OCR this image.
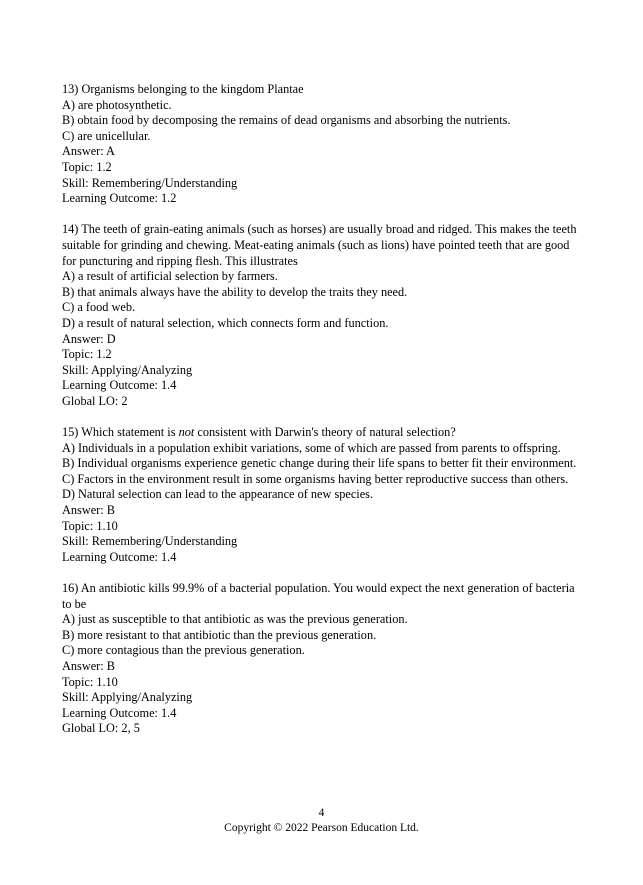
13) Organisms belonging to the kingdom Plantae
A) are photosynthetic.
B) obtain food by decomposing the remains of dead organisms and absorbing the nutrients.
C) are unicellular.
Answer: A
Topic: 1.2
Skill: Remembering/Understanding
Learning Outcome: 1.2
14) The teeth of grain-eating animals (such as horses) are usually broad and ridged. This makes the teeth suitable for grinding and chewing. Meat-eating animals (such as lions) have pointed teeth that are good for puncturing and ripping flesh. This illustrates
A) a result of artificial selection by farmers.
B) that animals always have the ability to develop the traits they need.
C) a food web.
D) a result of natural selection, which connects form and function.
Answer: D
Topic: 1.2
Skill: Applying/Analyzing
Learning Outcome: 1.4
Global LO: 2
15) Which statement is not consistent with Darwin's theory of natural selection?
A) Individuals in a population exhibit variations, some of which are passed from parents to offspring.
B) Individual organisms experience genetic change during their life spans to better fit their environment.
C) Factors in the environment result in some organisms having better reproductive success than others.
D) Natural selection can lead to the appearance of new species.
Answer: B
Topic: 1.10
Skill: Remembering/Understanding
Learning Outcome: 1.4
16) An antibiotic kills 99.9% of a bacterial population. You would expect the next generation of bacteria to be
A) just as susceptible to that antibiotic as was the previous generation.
B) more resistant to that antibiotic than the previous generation.
C) more contagious than the previous generation.
Answer: B
Topic: 1.10
Skill: Applying/Analyzing
Learning Outcome: 1.4
Global LO: 2, 5
4
Copyright © 2022 Pearson Education Ltd.
